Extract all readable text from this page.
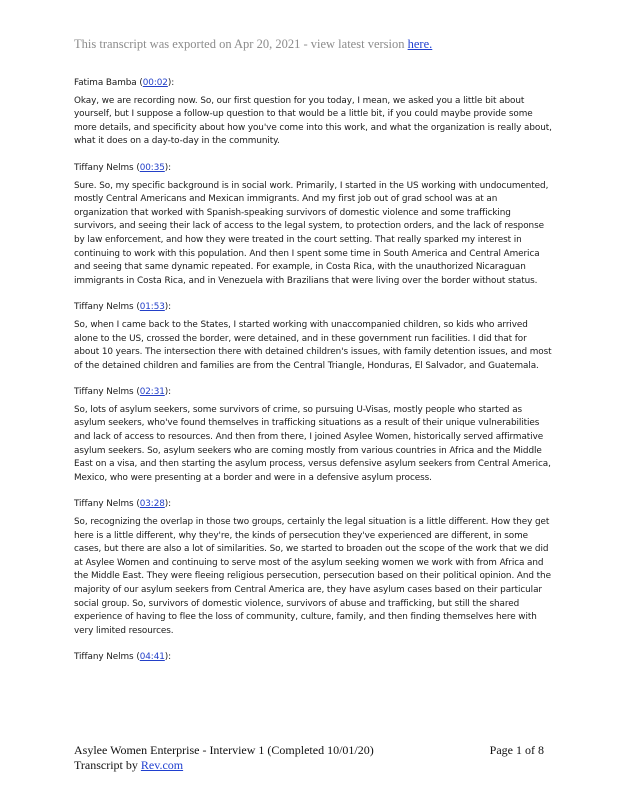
This transcript was exported on Apr 20, 2021 - view latest version here.

Fatima Bamba (00:02):

Okay, we are recording now. So, our first question for you today, I mean, we asked you a little bit about yourself, but I suppose a follow-up question to that would be a little bit, if you could maybe provide some more details, and specificity about how you've come into this work, and what the organization is really about, what it does on a day-to-day in the community.

Tiffany Nelms (00:35):

Sure. So, my specific background is in social work. Primarily, I started in the US working with undocumented, mostly Central Americans and Mexican immigrants. And my first job out of grad school was at an organization that worked with Spanish-speaking survivors of domestic violence and some trafficking survivors, and seeing their lack of access to the legal system, to protection orders, and the lack of response by law enforcement, and how they were treated in the court setting. That really sparked my interest in continuing to work with this population. And then I spent some time in South America and Central America and seeing that same dynamic repeated. For example, in Costa Rica, with the unauthorized Nicaraguan immigrants in Costa Rica, and in Venezuela with Brazilians that were living over the border without status.

Tiffany Nelms (01:53):

So, when I came back to the States, I started working with unaccompanied children, so kids who arrived alone to the US, crossed the border, were detained, and in these government run facilities. I did that for about 10 years. The intersection there with detained children's issues, with family detention issues, and most of the detained children and families are from the Central Triangle, Honduras, El Salvador, and Guatemala.

Tiffany Nelms (02:31):

So, lots of asylum seekers, some survivors of crime, so pursuing U-Visas, mostly people who started as asylum seekers, who've found themselves in trafficking situations as a result of their unique vulnerabilities and lack of access to resources. And then from there, I joined Asylee Women, historically served affirmative asylum seekers. So, asylum seekers who are coming mostly from various countries in Africa and the Middle East on a visa, and then starting the asylum process, versus defensive asylum seekers from Central America, Mexico, who were presenting at a border and were in a defensive asylum process.

Tiffany Nelms (03:28):

So, recognizing the overlap in those two groups, certainly the legal situation is a little different. How they get here is a little different, why they're, the kinds of persecution they've experienced are different, in some cases, but there are also a lot of similarities. So, we started to broaden out the scope of the work that we did at Asylee Women and continuing to serve most of the asylum seeking women we work with from Africa and the Middle East. They were fleeing religious persecution, persecution based on their political opinion. And the majority of our asylum seekers from Central America are, they have asylum cases based on their particular social group. So, survivors of domestic violence, survivors of abuse and trafficking, but still the shared experience of having to flee the loss of community, culture, family, and then finding themselves here with very limited resources.

Tiffany Nelms (04:41):

Asylee Women Enterprise - Interview 1 (Completed 10/01/20)	Page 1 of 8
Transcript by Rev.com
